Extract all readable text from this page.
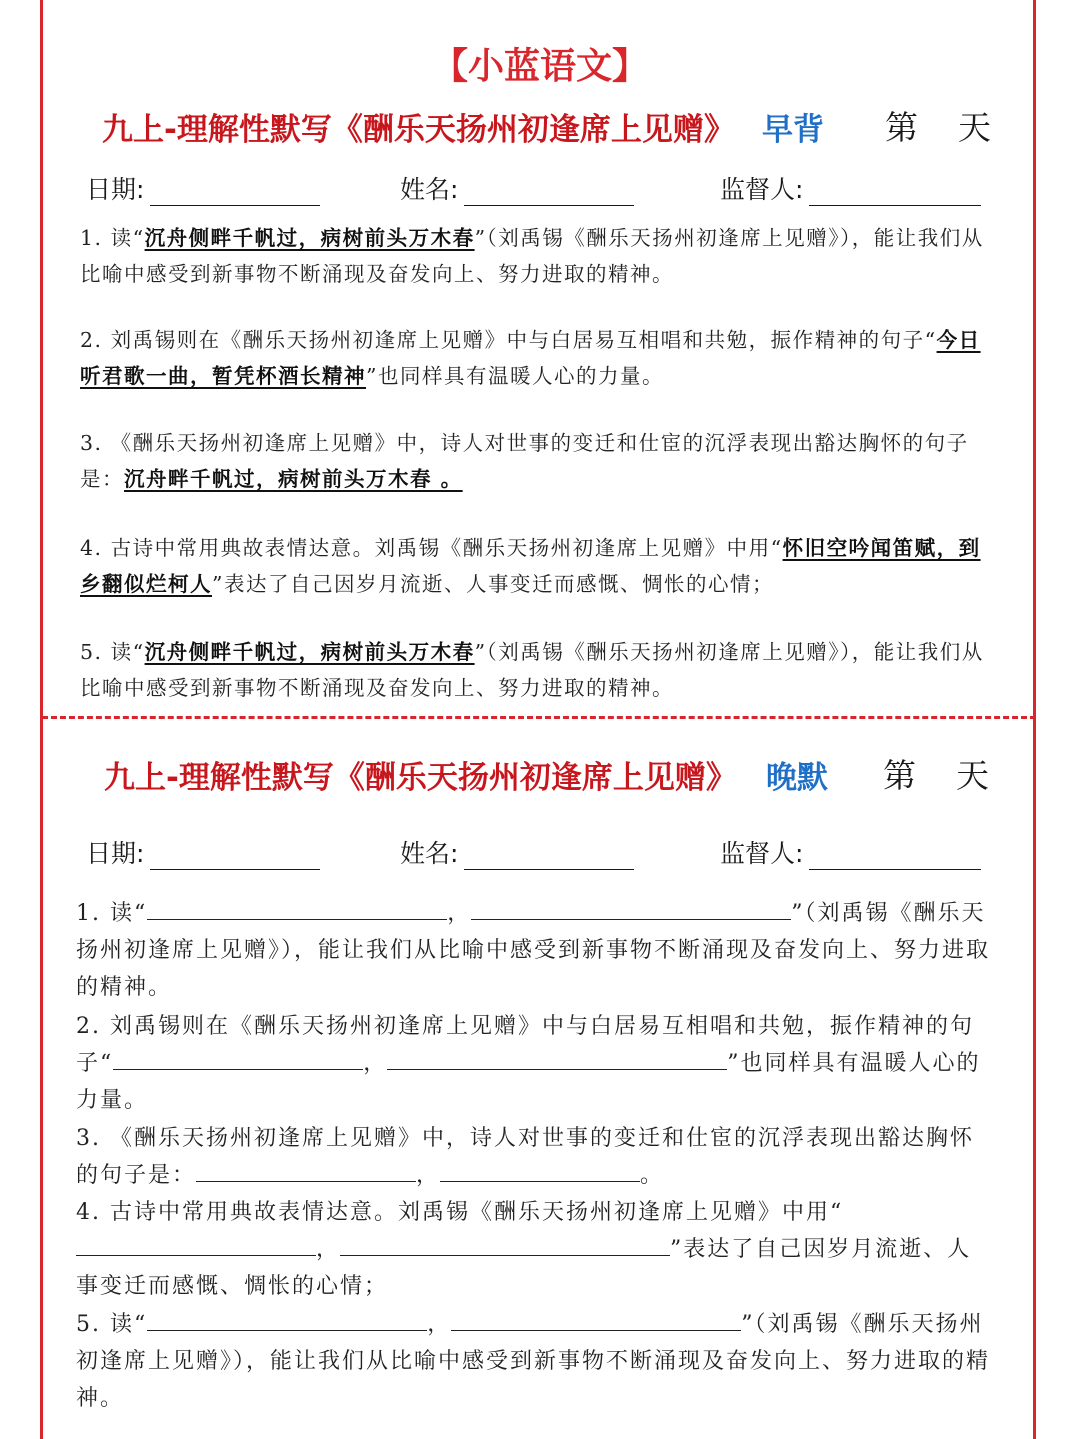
【小蓝语文】
九上-理解性默写《酬乐天扬州初逢席上见赠》 早背 第 天
日期:	姓名:	监督人:
1. 读“沉舟侧畔千帆过，病树前头万木春”（刘禹锡《酬乐天扬州初逢席上见赠》），能让我们从比喻中感受到新事物不断涌现及奋发向上、努力进取的精神。
2. 刘禹锡则在《酬乐天扬州初逢席上见赠》中与白居易互相唱和共勉，振作精神的句子“今日听君歌一曲，暂凭杯酒长精神”也同样具有温暖人心的力量。
3. 《酬乐天扬州初逢席上见赠》中，诗人对世事的变迁和仕宦的沉浮表现出豁达胸怀的句子是：沉舟畔千帆过，病树前头万木春 。
4. 古诗中常用典故表情达意。刘禹锡《酬乐天扬州初逢席上见赠》中用“怀旧空吟闻笛赋，到乡翻似烂柯人”表达了自己因岁月流逝、人事变迁而感慨、惆怅的心情；
5. 读“沉舟侧畔千帆过，病树前头万木春”（刘禹锡《酬乐天扬州初逢席上见赠》），能让我们从比喻中感受到新事物不断涌现及奋发向上、努力进取的精神。
九上-理解性默写《酬乐天扬州初逢席上见赠》 晚默 第 天
日期:	姓名:	监督人:
1. 读“	，	”（刘禹锡《酬乐天扬州初逢席上见赠》），能让我们从比喻中感受到新事物不断涌现及奋发向上、努力进取的精神。
2. 刘禹锡则在《酬乐天扬州初逢席上见赠》中与白居易互相唱和共勉，振作精神的句子“	，	”也同样具有温暖人心的力量。
3. 《酬乐天扬州初逢席上见赠》中，诗人对世事的变迁和仕宦的沉浮表现出豁达胸怀的句子是：	，	。
4. 古诗中常用典故表情达意。刘禹锡《酬乐天扬州初逢席上见赠》中用“，	”表达了自己因岁月流逝、人事变迁而感慨、惆怅的心情；
5. 读“	，	”（刘禹锡《酬乐天扬州初逢席上见赠》），能让我们从比喻中感受到新事物不断涌现及奋发向上、努力进取的精神。
